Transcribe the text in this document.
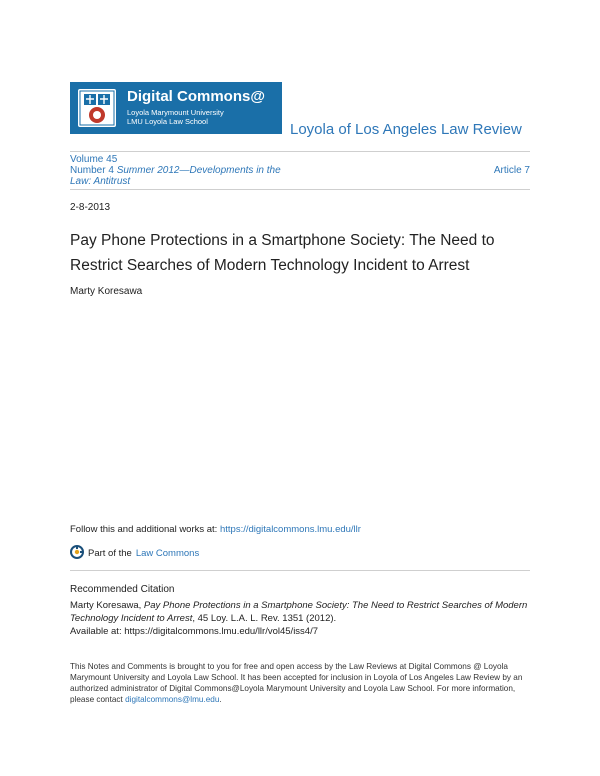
Digital Commons@
Loyola Marymount University
LMU Loyola Law School	Loyola of Los Angeles Law Review
Volume 45
Number 4 Summer 2012—Developments in the
Law: Antitrust
Article 7
2-8-2013
Pay Phone Protections in a Smartphone Society: The Need to Restrict Searches of Modern Technology Incident to Arrest
Marty Koresawa
Follow this and additional works at: https://digitalcommons.lmu.edu/llr
Part of the Law Commons
Recommended Citation
Marty Koresawa, Pay Phone Protections in a Smartphone Society: The Need to Restrict Searches of Modern Technology Incident to Arrest, 45 Loy. L.A. L. Rev. 1351 (2012).
Available at: https://digitalcommons.lmu.edu/llr/vol45/iss4/7
This Notes and Comments is brought to you for free and open access by the Law Reviews at Digital Commons @ Loyola Marymount University and Loyola Law School. It has been accepted for inclusion in Loyola of Los Angeles Law Review by an authorized administrator of Digital Commons@Loyola Marymount University and Loyola Law School. For more information, please contact digitalcommons@lmu.edu.
